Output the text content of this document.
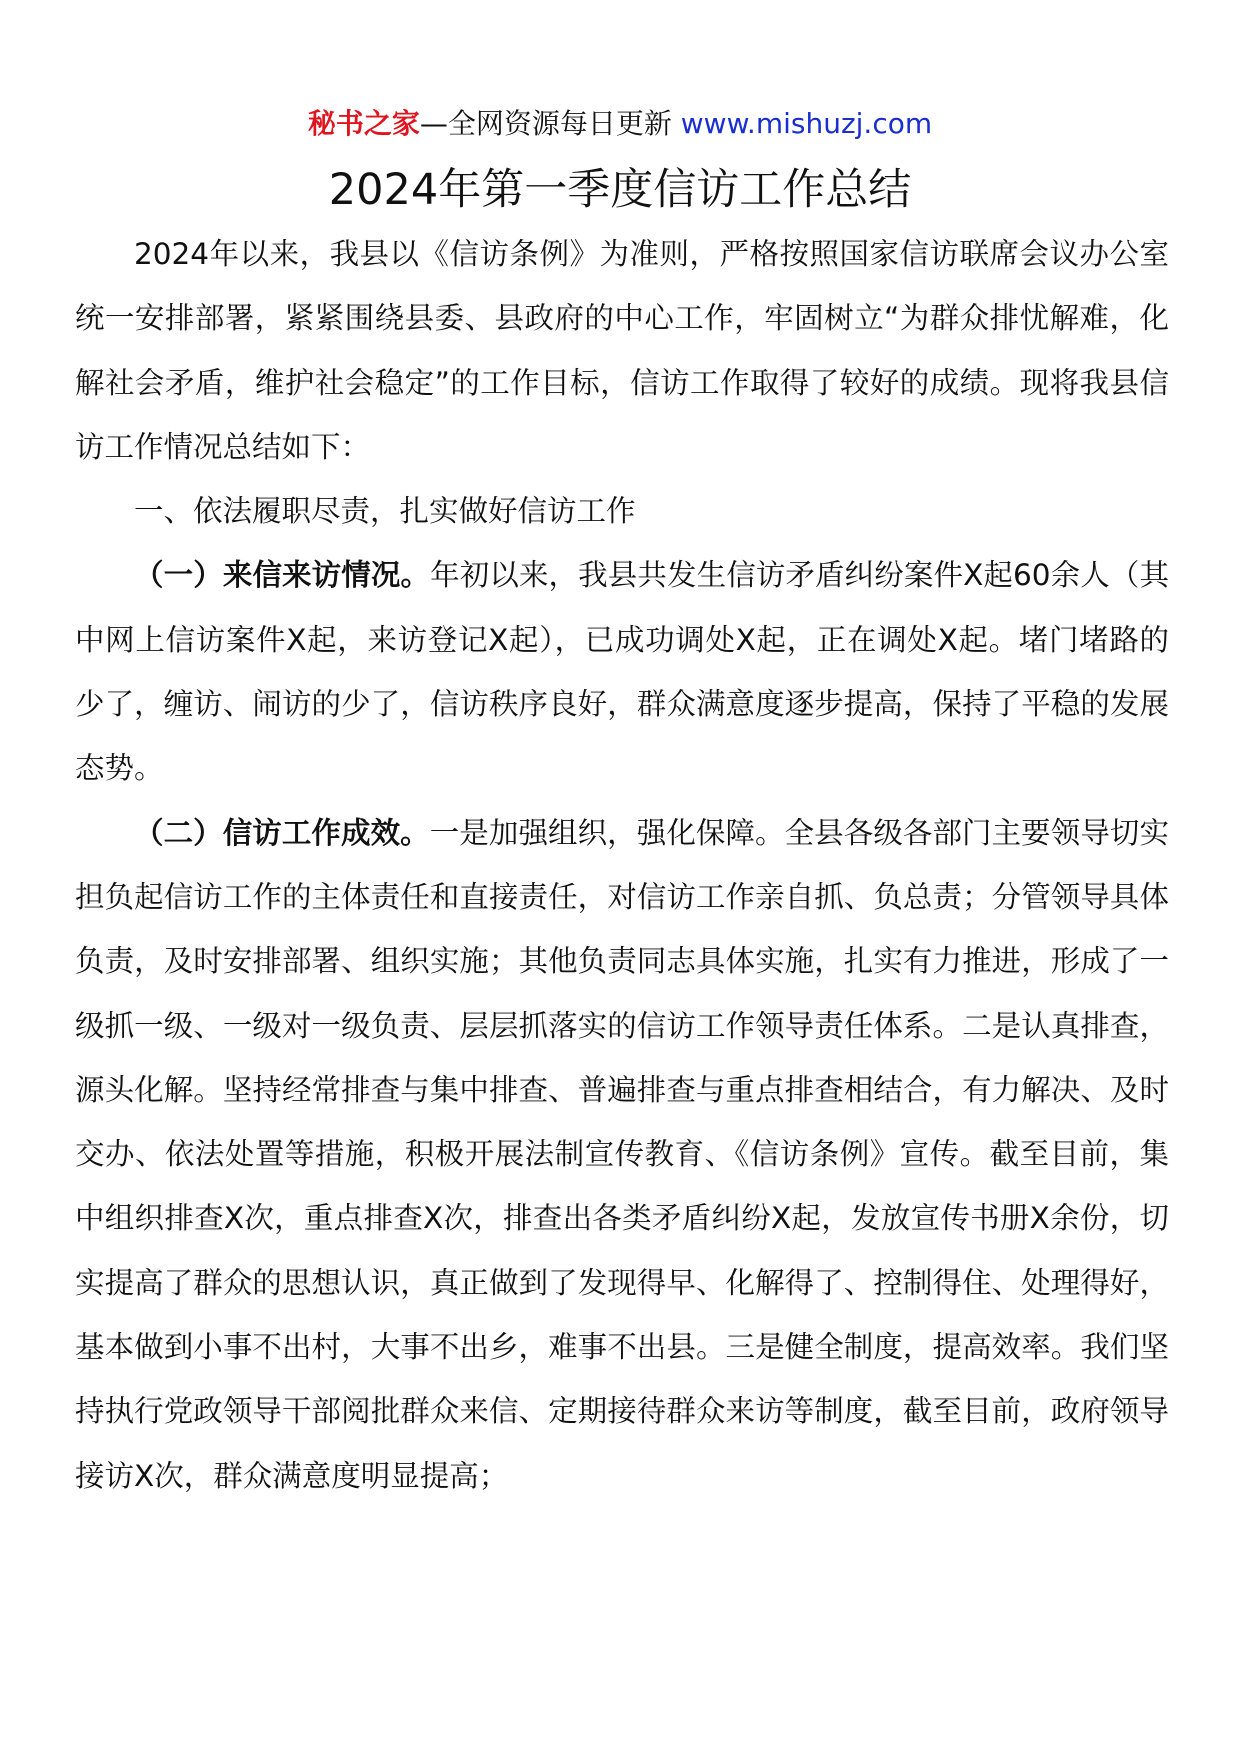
秘书之家—全网资源每日更新 www.mishuzj.com
2024年第一季度信访工作总结

2024年以来，我县以《信访条例》为准则，严格按照国家信访联席会议办公室统一安排部署，紧紧围绕县委、县政府的中心工作，牢固树立“为群众排忧解难，化解社会矛盾，维护社会稳定”的工作目标，信访工作取得了较好的成绩。现将我县信访工作情况总结如下：

一、依法履职尽责，扎实做好信访工作

（一）来信来访情况。年初以来，我县共发生信访矛盾纠纷案件X起60余人（其中网上信访案件X起，来访登记X起），已成功调处X起，正在调处X起。堵门堵路的少了，缠访、闹访的少了，信访秩序良好，群众满意度逐步提高，保持了平稳的发展态势。

（二）信访工作成效。一是加强组织，强化保障。全县各级各部门主要领导切实担负起信访工作的主体责任和直接责任，对信访工作亲自抓、负总责；分管领导具体负责，及时安排部署、组织实施；其他负责同志具体实施，扎实有力推进，形成了一级抓一级、一级对一级负责、层层抓落实的信访工作领导责任体系。二是认真排查，源头化解。坚持经常排查与集中排查、普遍排查与重点排查相结合，有力解决、及时交办、依法处置等措施，积极开展法制宣传教育、《信访条例》宣传。截至目前，集中组织排查X次，重点排查X次，排查出各类矛盾纠纷X起，发放宣传书册X余份，切实提高了群众的思想认识，真正做到了发现得早、化解得了、控制得住、处理得好，基本做到小事不出村，大事不出乡，难事不出县。三是健全制度，提高效率。我们坚持执行党政领导干部阅批群众来信、定期接待群众来访等制度，截至目前，政府领导接访X次，群众满意度明显提高；
